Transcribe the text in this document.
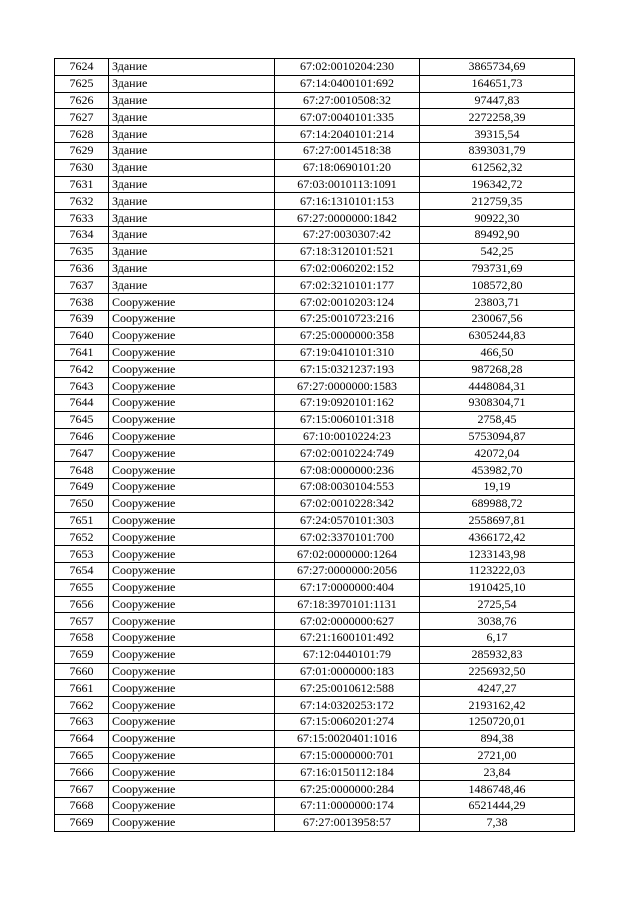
7624	Здание	67:02:0010204:230	3865734,69
7625	Здание	67:14:0400101:692	164651,73
7626	Здание	67:27:0010508:32	97447,83
7627	Здание	67:07:0040101:335	2272258,39
7628	Здание	67:14:2040101:214	39315,54
7629	Здание	67:27:0014518:38	8393031,79
7630	Здание	67:18:0690101:20	612562,32
7631	Здание	67:03:0010113:1091	196342,72
7632	Здание	67:16:1310101:153	212759,35
7633	Здание	67:27:0000000:1842	90922,30
7634	Здание	67:27:0030307:42	89492,90
7635	Здание	67:18:3120101:521	542,25
7636	Здание	67:02:0060202:152	793731,69
7637	Здание	67:02:3210101:177	108572,80
7638	Сооружение	67:02:0010203:124	23803,71
7639	Сооружение	67:25:0010723:216	230067,56
7640	Сооружение	67:25:0000000:358	6305244,83
7641	Сооружение	67:19:0410101:310	466,50
7642	Сооружение	67:15:0321237:193	987268,28
7643	Сооружение	67:27:0000000:1583	4448084,31
7644	Сооружение	67:19:0920101:162	9308304,71
7645	Сооружение	67:15:0060101:318	2758,45
7646	Сооружение	67:10:0010224:23	5753094,87
7647	Сооружение	67:02:0010224:749	42072,04
7648	Сооружение	67:08:0000000:236	453982,70
7649	Сооружение	67:08:0030104:553	19,19
7650	Сооружение	67:02:0010228:342	689988,72
7651	Сооружение	67:24:0570101:303	2558697,81
7652	Сооружение	67:02:3370101:700	4366172,42
7653	Сооружение	67:02:0000000:1264	1233143,98
7654	Сооружение	67:27:0000000:2056	1123222,03
7655	Сооружение	67:17:0000000:404	1910425,10
7656	Сооружение	67:18:3970101:1131	2725,54
7657	Сооружение	67:02:0000000:627	3038,76
7658	Сооружение	67:21:1600101:492	6,17
7659	Сооружение	67:12:0440101:79	285932,83
7660	Сооружение	67:01:0000000:183	2256932,50
7661	Сооружение	67:25:0010612:588	4247,27
7662	Сооружение	67:14:0320253:172	2193162,42
7663	Сооружение	67:15:0060201:274	1250720,01
7664	Сооружение	67:15:0020401:1016	894,38
7665	Сооружение	67:15:0000000:701	2721,00
7666	Сооружение	67:16:0150112:184	23,84
7667	Сооружение	67:25:0000000:284	1486748,46
7668	Сооружение	67:11:0000000:174	6521444,29
7669	Сооружение	67:27:0013958:57	7,38
